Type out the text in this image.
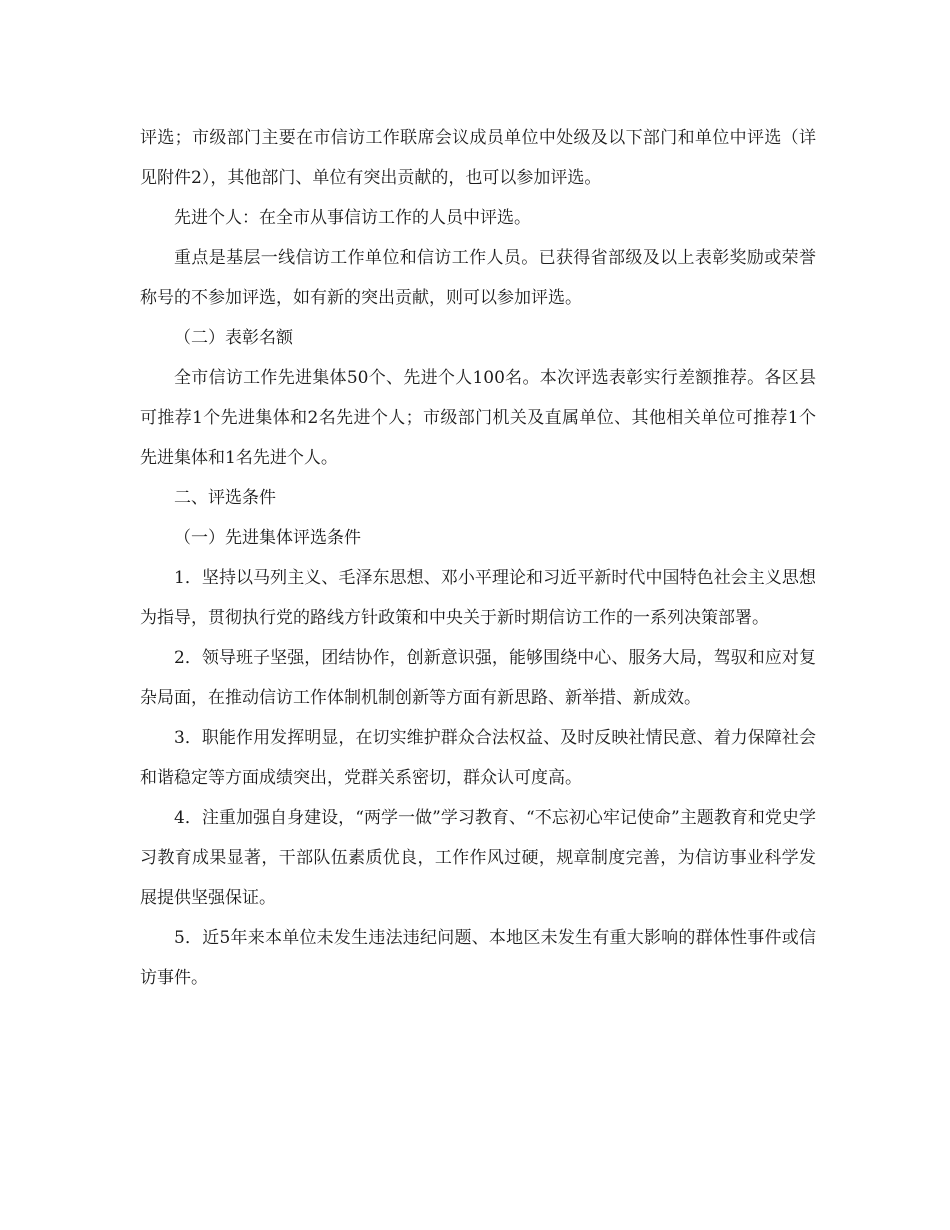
评选；市级部门主要在市信访工作联席会议成员单位中处级及以下部门和单位中评选（详见附件2），其他部门、单位有突出贡献的，也可以参加评选。

先进个人：在全市从事信访工作的人员中评选。

重点是基层一线信访工作单位和信访工作人员。已获得省部级及以上表彰奖励或荣誉称号的不参加评选，如有新的突出贡献，则可以参加评选。

（二）表彰名额

全市信访工作先进集体50个、先进个人100名。本次评选表彰实行差额推荐。各区县可推荐1个先进集体和2名先进个人；市级部门机关及直属单位、其他相关单位可推荐1个先进集体和1名先进个人。

二、评选条件

（一）先进集体评选条件

1．坚持以马列主义、毛泽东思想、邓小平理论和习近平新时代中国特色社会主义思想为指导，贯彻执行党的路线方针政策和中央关于新时期信访工作的一系列决策部署。

2．领导班子坚强，团结协作，创新意识强，能够围绕中心、服务大局，驾驭和应对复杂局面，在推动信访工作体制机制创新等方面有新思路、新举措、新成效。

3．职能作用发挥明显，在切实维护群众合法权益、及时反映社情民意、着力保障社会和谐稳定等方面成绩突出，党群关系密切，群众认可度高。

4．注重加强自身建设，“两学一做”学习教育、“不忘初心牢记使命”主题教育和党史学习教育成果显著，干部队伍素质优良，工作作风过硬，规章制度完善，为信访事业科学发展提供坚强保证。

5．近5年来本单位未发生违法违纪问题、本地区未发生有重大影响的群体性事件或信访事件。
